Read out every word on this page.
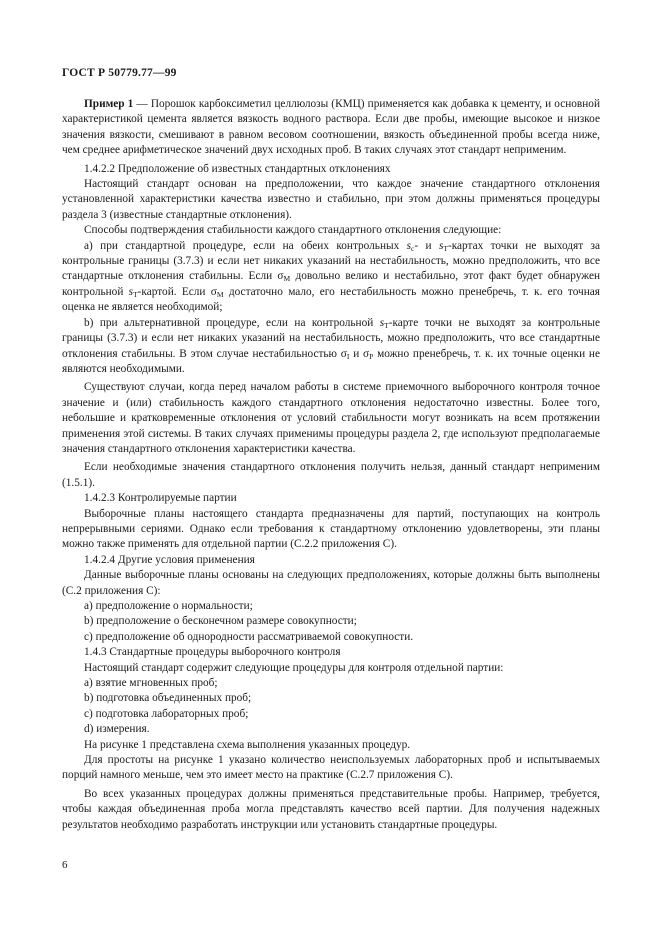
ГОСТ Р 50779.77—99

Пример 1 — Порошок карбоксиметил целлюлозы (КМЦ) применяется как добавка к цементу, и основной характеристикой цемента является вязкость водного раствора. Если две пробы, имеющие высокое и низкое значения вязкости, смешивают в равном весовом соотношении, вязкость объединенной пробы всегда ниже, чем среднее арифметическое значений двух исходных проб. В таких случаях этот стандарт неприменим.

1.4.2.2 Предположение об известных стандартных отклонениях

Настоящий стандарт основан на предположении, что каждое значение стандартного отклонения установленной характеристики качества известно и стабильно, при этом должны применяться процедуры раздела 3 (известные стандартные отклонения).

Способы подтверждения стабильности каждого стандартного отклонения следующие:

а) при стандартной процедуре, если на обеих контрольных $s_c-$ и $s_T$-картах точки не выходят за контрольные границы (3.7.3) и если нет никаких указаний на нестабильность, можно предположить, что все стандартные отклонения стабильны. Если $\sigma_M$ довольно велико и нестабильно, этот факт будет обнаружен контрольной $s_T$-картой. Если $\sigma_M$ достаточно мало, его нестабильность можно пренебречь, т. к. его точная оценка не является необходимой;

b) при альтернативной процедуре, если на контрольной $s_T$-карте точки не выходят за контрольные границы (3.7.3) и если нет никаких указаний на нестабильность, можно предположить, что все стандартные отклонения стабильны. В этом случае нестабильностью $\sigma_I$ и $\sigma_P$ можно пренебречь, т. к. их точные оценки не являются необходимыми.

Существуют случаи, когда перед началом работы в системе приемочного выборочного контроля точное значение и (или) стабильность каждого стандартного отклонения недостаточно известны. Более того, небольшие и кратковременные отклонения от условий стабильности могут возникать на всем протяжении применения этой системы. В таких случаях применимы процедуры раздела 2, где используют предполагаемые значения стандартного отклонения характеристики качества.

Если необходимые значения стандартного отклонения получить нельзя, данный стандарт неприменим (1.5.1).

1.4.2.3 Контролируемые партии

Выборочные планы настоящего стандарта предназначены для партий, поступающих на контроль непрерывными сериями. Однако если требования к стандартному отклонению удовлетворены, эти планы можно также применять для отдельной партии (С.2.2 приложения С).

1.4.2.4 Другие условия применения

Данные выборочные планы основаны на следующих предположениях, которые должны быть выполнены (С.2 приложения С):

а) предположение о нормальности;

b) предположение о бесконечном размере совокупности;

c) предположение об однородности рассматриваемой совокупности.

1.4.3 Стандартные процедуры выборочного контроля

Настоящий стандарт содержит следующие процедуры для контроля отдельной партии:

а) взятие мгновенных проб;

b) подготовка объединенных проб;

c) подготовка лабораторных проб;

d) измерения.

На рисунке 1 представлена схема выполнения указанных процедур.

Для простоты на рисунке 1 указано количество неиспользуемых лабораторных проб и испытываемых порций намного меньше, чем это имеет место на практике (С.2.7 приложения С).

Во всех указанных процедурах должны применяться представительные пробы. Например, требуется, чтобы каждая объединенная проба могла представлять качество всей партии. Для получения надежных результатов необходимо разработать инструкции или установить стандартные процедуры.

6
